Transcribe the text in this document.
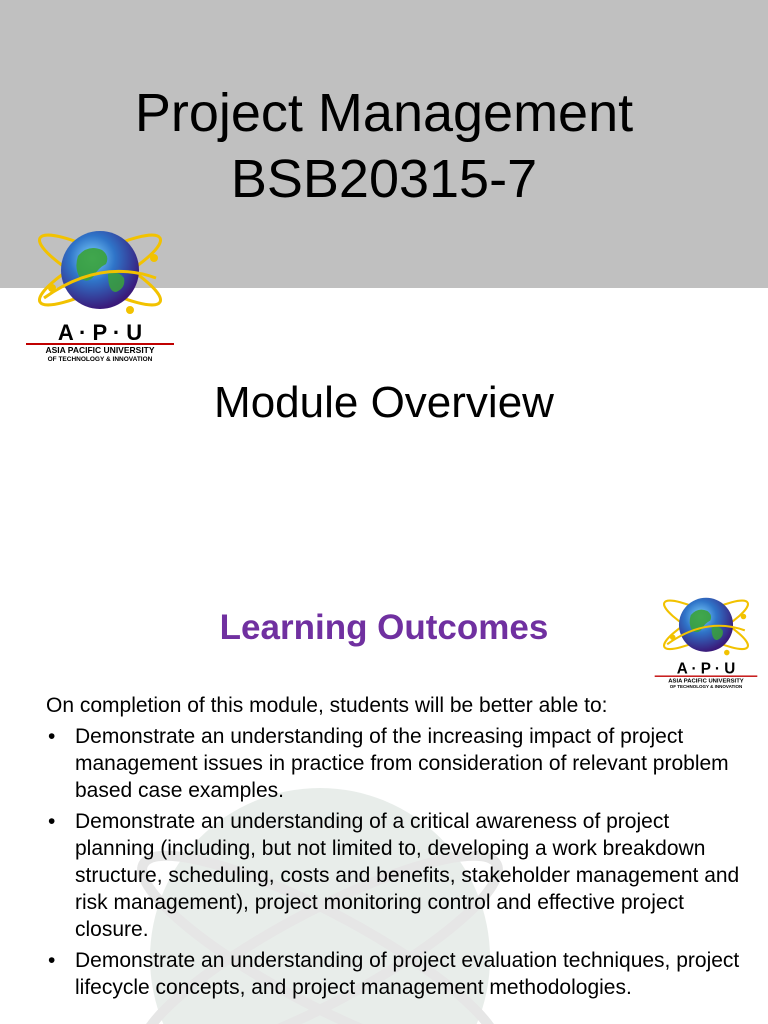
Project Management
BSB20315-7
Module Overview
A · P · U
ASIA PACIFIC UNIVERSITY
OF TECHNOLOGY & INNOVATION
Learning Outcomes
On completion of this module, students will be better able to:
• Demonstrate an understanding of the increasing impact of project management issues in practice from consideration of relevant problem based case examples.
• Demonstrate an understanding of a critical awareness of project planning (including, but not limited to, developing a work breakdown structure, scheduling, costs and benefits, stakeholder management and risk management), project monitoring control and effective project closure.
• Demonstrate an understanding of project evaluation techniques, project lifecycle concepts, and project management methodologies.
A · P · U
ASIA PACIFIC UNIVERSITY
OF TECHNOLOGY & INNOVATION
